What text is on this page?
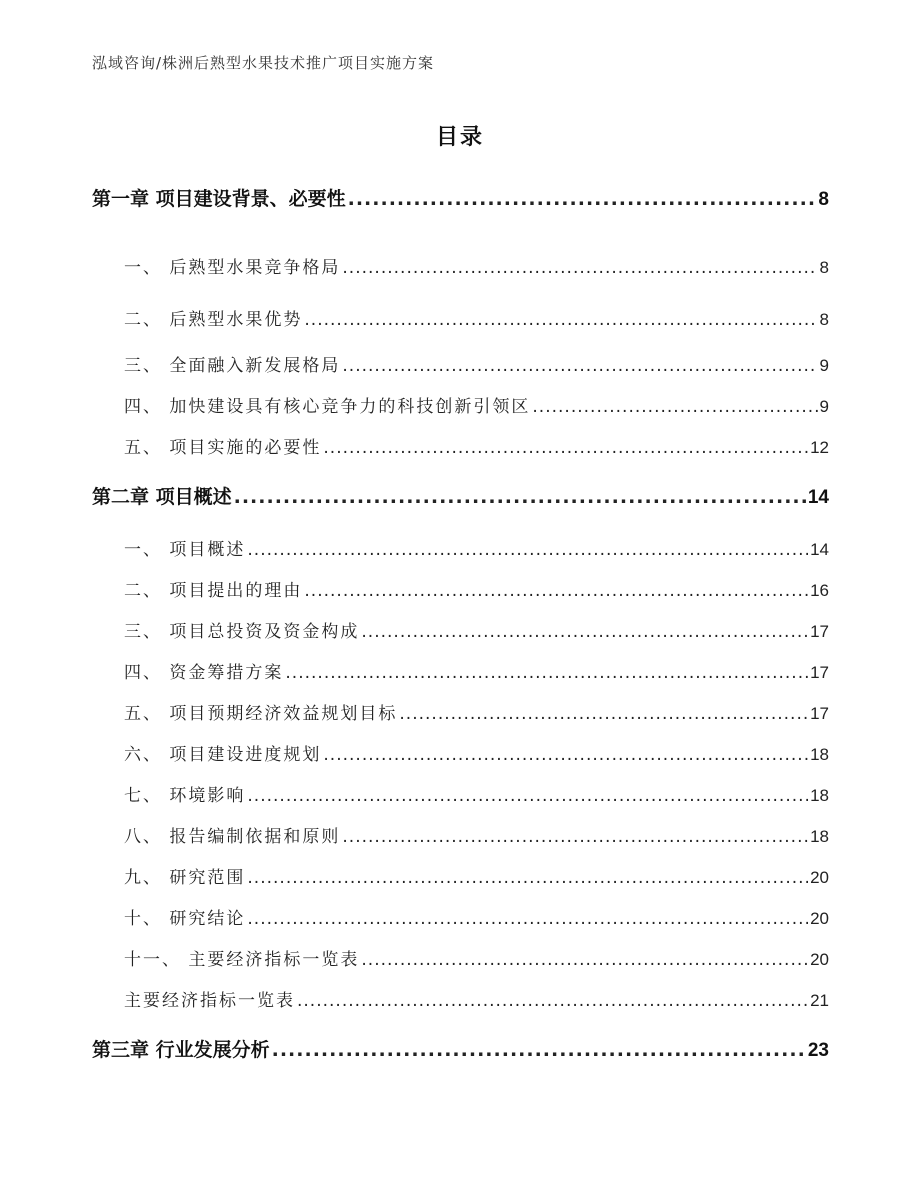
泓域咨询/株洲后熟型水果技术推广项目实施方案
目录
第一章 项目建设背景、必要性 .....	8
一、 后熟型水果竞争格局 .....	8
二、 后熟型水果优势 .....	8
三、 全面融入新发展格局 .....	9
四、 加快建设具有核心竞争力的科技创新引领区 .....	9
五、 项目实施的必要性 .....	12
第二章 项目概述 .....	14
一、 项目概述 .....	14
二、 项目提出的理由 .....	16
三、 项目总投资及资金构成 .....	17
四、 资金筹措方案 .....	17
五、 项目预期经济效益规划目标 .....	17
六、 项目建设进度规划 .....	18
七、 环境影响 .....	18
八、 报告编制依据和原则 .....	18
九、 研究范围 .....	20
十、 研究结论 .....	20
十一、 主要经济指标一览表 .....	20
主要经济指标一览表 .....	21
第三章 行业发展分析 .....	23
